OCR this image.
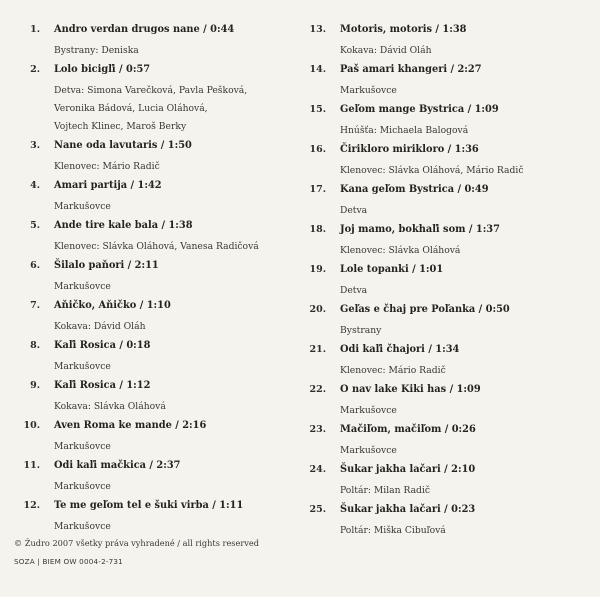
1. Andro verdan drugos nane / 0:44
Bystrany: Deniska
2. Lolo bicigľi / 0:57
Detva: Simona Varečková, Pavla Pešková,
Veronika Bádová, Lucia Oláhová,
Vojtech Klinec, Maroš Berky
3. Nane oda lavutaris / 1:50
Klenovec: Mário Radič
4. Amari partija / 1:42
Markušovce
5. Ande tire kale bala / 1:38
Klenovec: Slávka Oláhová, Vanesa Radičová
6. Šilalo paňori / 2:11
Markušovce
7. Aňičko, Aňičko / 1:10
Kokava: Dávid Oláh
8. Kaľi Rosica / 0:18
Markušovce
9. Kaľi Rosica / 1:12
Kokava: Slávka Oláhová
10. Aven Roma ke mande / 2:16
Markušovce
11. Odi kaľi mačkica / 2:37
Markušovce
12. Te me geľom tel e šuki virba / 1:11
Markušovce
13. Motoris, motoris / 1:38
Kokava: Dávid Oláh
14. Paš amari khangeri / 2:27
Markušovce
15. Geľom mange Bystrica / 1:09
Hnúšťa: Michaela Balogová
16. Čirikloro mirikloro / 1:36
Klenovec: Slávka Oláhová, Mário Radič
17. Kana geľom Bystrica / 0:49
Detva
18. Joj mamo, bokhaľi som / 1:37
Klenovec: Slávka Oláhová
19. Lole topanki / 1:01
Detva
20. Geľas e čhaj pre Poľanka / 0:50
Bystrany
21. Odi kaľi čhajori / 1:34
Klenovec: Mário Radič
22. O nav lake Kiki has / 1:09
Markušovce
23. Mačiľom, mačiľom / 0:26
Markušovce
24. Šukar jakha lačari / 2:10
Poltár: Milan Radič
25. Šukar jakha lačari / 0:23
Poltár: Miška Cibuľová
© Žudro 2007 všetky práva vyhradené / all rights reserved
SOZA | BIEM OW 0004-2-731
